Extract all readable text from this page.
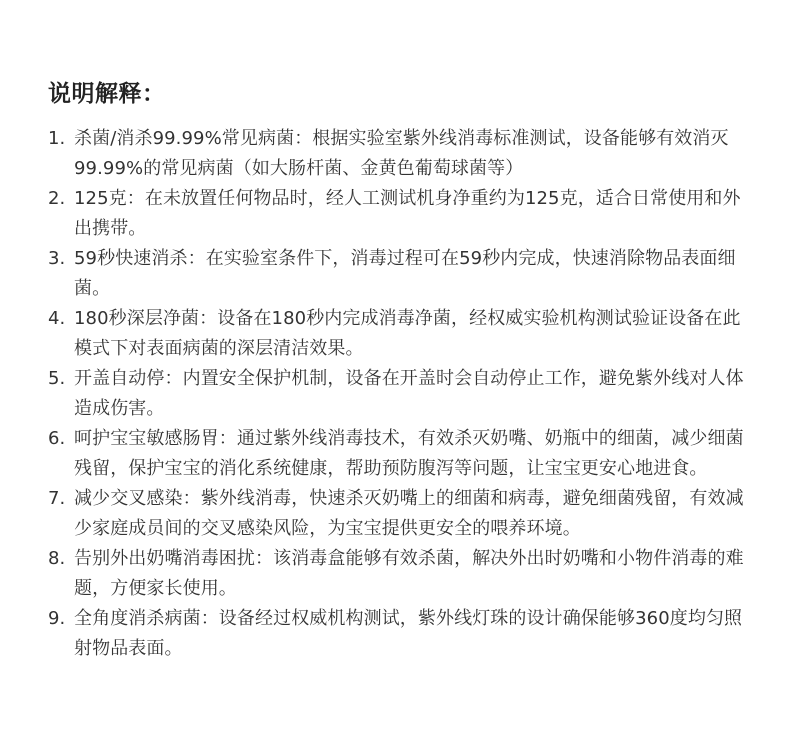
说明解释：
1. 杀菌/消杀99.99%常见病菌：根据实验室紫外线消毒标准测试，设备能够有效消灭99.99%的常见病菌（如大肠杆菌、金黄色葡萄球菌等）
2. 125克：在未放置任何物品时，经人工测试机身净重约为125克，适合日常使用和外出携带。
3. 59秒快速消杀：在实验室条件下，消毒过程可在59秒内完成，快速消除物品表面细菌。
4. 180秒深层净菌：设备在180秒内完成消毒净菌，经权威实验机构测试验证设备在此模式下对表面病菌的深层清洁效果。
5. 开盖自动停：内置安全保护机制，设备在开盖时会自动停止工作，避免紫外线对人体造成伤害。
6. 呵护宝宝敏感肠胃：通过紫外线消毒技术，有效杀灭奶嘴、奶瓶中的细菌，减少细菌残留，保护宝宝的消化系统健康，帮助预防腹泻等问题，让宝宝更安心地进食。
7. 减少交叉感染：紫外线消毒，快速杀灭奶嘴上的细菌和病毒，避免细菌残留，有效减少家庭成员间的交叉感染风险，为宝宝提供更安全的喂养环境。
8. 告别外出奶嘴消毒困扰：该消毒盒能够有效杀菌，解决外出时奶嘴和小物件消毒的难题，方便家长使用。
9. 全角度消杀病菌：设备经过权威机构测试，紫外线灯珠的设计确保能够360度均匀照射物品表面。
